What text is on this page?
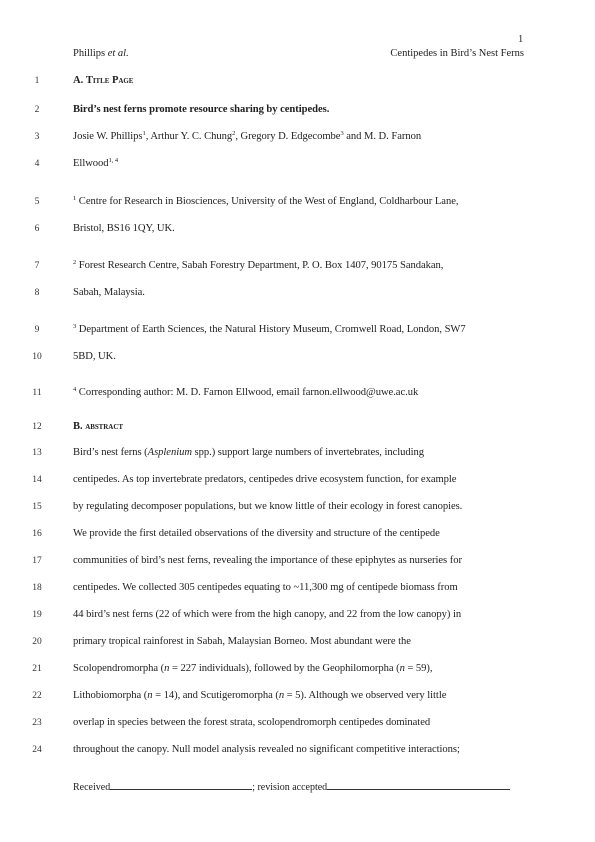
1
Phillips et al.	Centipedes in Bird’s Nest Ferns
1	A. Title Page
2	Bird’s nest ferns promote resource sharing by centipedes.
3	Josie W. Phillips$^1$, Arthur Y. C. Chung$^2$, Gregory D. Edgecombe$^3$ and M. D. Farnon
4	Ellwood$^{1, 4}$
5	$^1$ Centre for Research in Biosciences, University of the West of England, Coldharbour Lane,
6	Bristol, BS16 1QY, UK.
7	$^2$ Forest Research Centre, Sabah Forestry Department, P. O. Box 1407, 90175 Sandakan,
8	Sabah, Malaysia.
9	$^3$ Department of Earth Sciences, the Natural History Museum, Cromwell Road, London, SW7
10	5BD, UK.
11	$^4$ Corresponding author: M. D. Farnon Ellwood, email farnon.ellwood@uwe.ac.uk
12	B. abstract
13	Bird’s nest ferns (Asplenium spp.) support large numbers of invertebrates, including
14	centipedes. As top invertebrate predators, centipedes drive ecosystem function, for example
15	by regulating decomposer populations, but we know little of their ecology in forest canopies.
16	We provide the first detailed observations of the diversity and structure of the centipede
17	communities of bird’s nest ferns, revealing the importance of these epiphytes as nurseries for
18	centipedes. We collected 305 centipedes equating to ~11,300 mg of centipede biomass from
19	44 bird’s nest ferns (22 of which were from the high canopy, and 22 from the low canopy) in
20	primary tropical rainforest in Sabah, Malaysian Borneo. Most abundant were the
21	Scolopendromorpha (n = 227 individuals), followed by the Geophilomorpha (n = 59),
22	Lithobiomorpha (n = 14), and Scutigeromorpha (n = 5). Although we observed very little
23	overlap in species between the forest strata, scolopendromorph centipedes dominated
24	throughout the canopy. Null model analysis revealed no significant competitive interactions;
Received	; revision accepted
